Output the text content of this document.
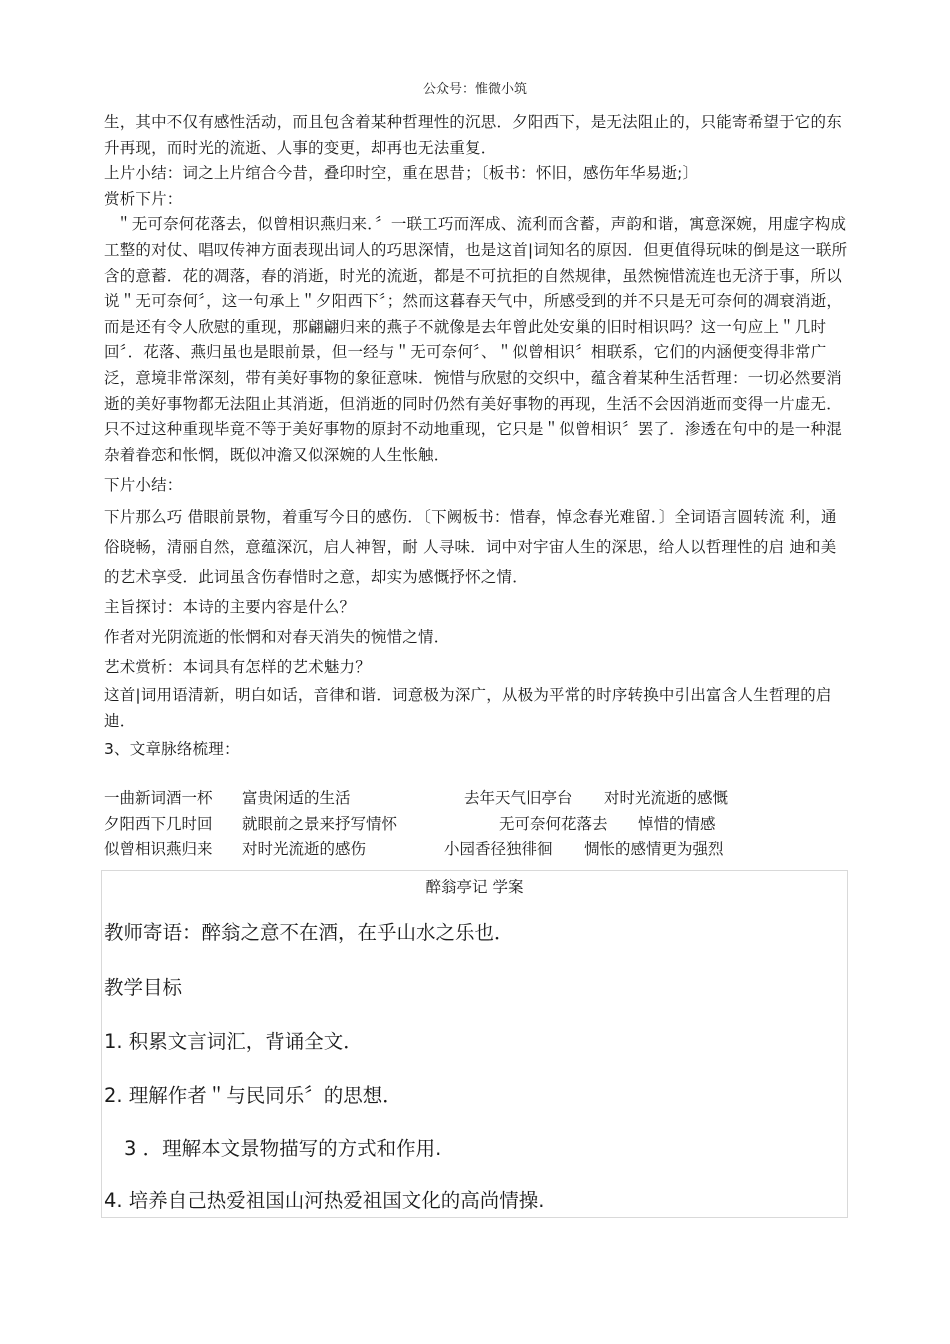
公众号：惟微小筑

生，其中不仅有感性活动，而且包含着某种哲理性的沉思．夕阳西下，是无法阻止的，只能寄希望于它的东升再现，而时光的流逝、人事的变更，却再也无法重复．

上片小结：词之上片绾合今昔，叠印时空，重在思昔；〔板书：怀旧，感伤年华易逝;〕

赏析下片：

＂无可奈何花落去，似曾相识燕归来．〞一联工巧而浑成、流利而含蓄，声韵和谐，寓意深婉，用虚字构成工整的对仗、唱叹传神方面表现出词人的巧思深情，也是这首|词知名的原因．但更值得玩味的倒是这一联所含的意蓄．花的凋落，春的消逝，时光的流逝，都是不可抗拒的自然规律，虽然惋惜流连也无济于事，所以说＂无可奈何〞，这一句承上＂夕阳西下〞；然而这暮春天气中，所感受到的并不只是无可奈何的凋衰消逝，而是还有令人欣慰的重现，那翩翩归来的燕子不就像是去年曾此处安巢的旧时相识吗？这一句应上＂几时回〞．花落、燕归虽也是眼前景，但一经与＂无可奈何〞、＂似曾相识〞相联系，它们的内涵便变得非常广泛，意境非常深刻，带有美好事物的象征意味．惋惜与欣慰的交织中，蕴含着某种生活哲理：一切必然要消逝的美好事物都无法阻止其消逝，但消逝的同时仍然有美好事物的再现，生活不会因消逝而变得一片虚无．只不过这种重现毕竟不等于美好事物的原封不动地重现，它只是＂似曾相识〞罢了．渗透在句中的是一种混杂着眷恋和怅惘，既似冲澹又似深婉的人生怅触．

下片小结：

下片那么巧 借眼前景物，着重写今日的感伤．〔下阙板书：惜春，悼念春光难留．〕全词语言圆转流 利，通俗晓畅，清丽自然，意蕴深沉，启人神智，耐 人寻味．词中对宇宙人生的深思，给人以哲理性的启 迪和美的艺术享受．此词虽含伤春惜时之意，却实为感慨抒怀之情．

主旨探讨：本诗的主要内容是什么？

作者对光阴流逝的怅惘和对春天消失的惋惜之情．

艺术赏析：本词具有怎样的艺术魅力？

这首|词用语清新，明白如话，音律和谐．词意极为深广，从极为平常的时序转换中引出富含人生哲理的启迪．

3、文章脉络梳理：

一曲新词酒一杯 富贵闲适的生活	去年天气旧亭台 对时光流逝的感慨
夕阳西下几时回 就眼前之景来抒写情怀	无可奈何花落去 悼惜的情感
似曾相识燕归来 对时光流逝的感伤	小园香径独徘徊 惆怅的感情更为强烈
醉翁亭记 学案
教师寄语：醉翁之意不在酒，在乎山水之乐也．
教学目标
1. 积累文言词汇，背诵全文．
2. 理解作者＂与民同乐〞的思想．
3 ．理解本文景物描写的方式和作用.
4. 培养自己热爱祖国山河热爱祖国文化的高尚情操.
